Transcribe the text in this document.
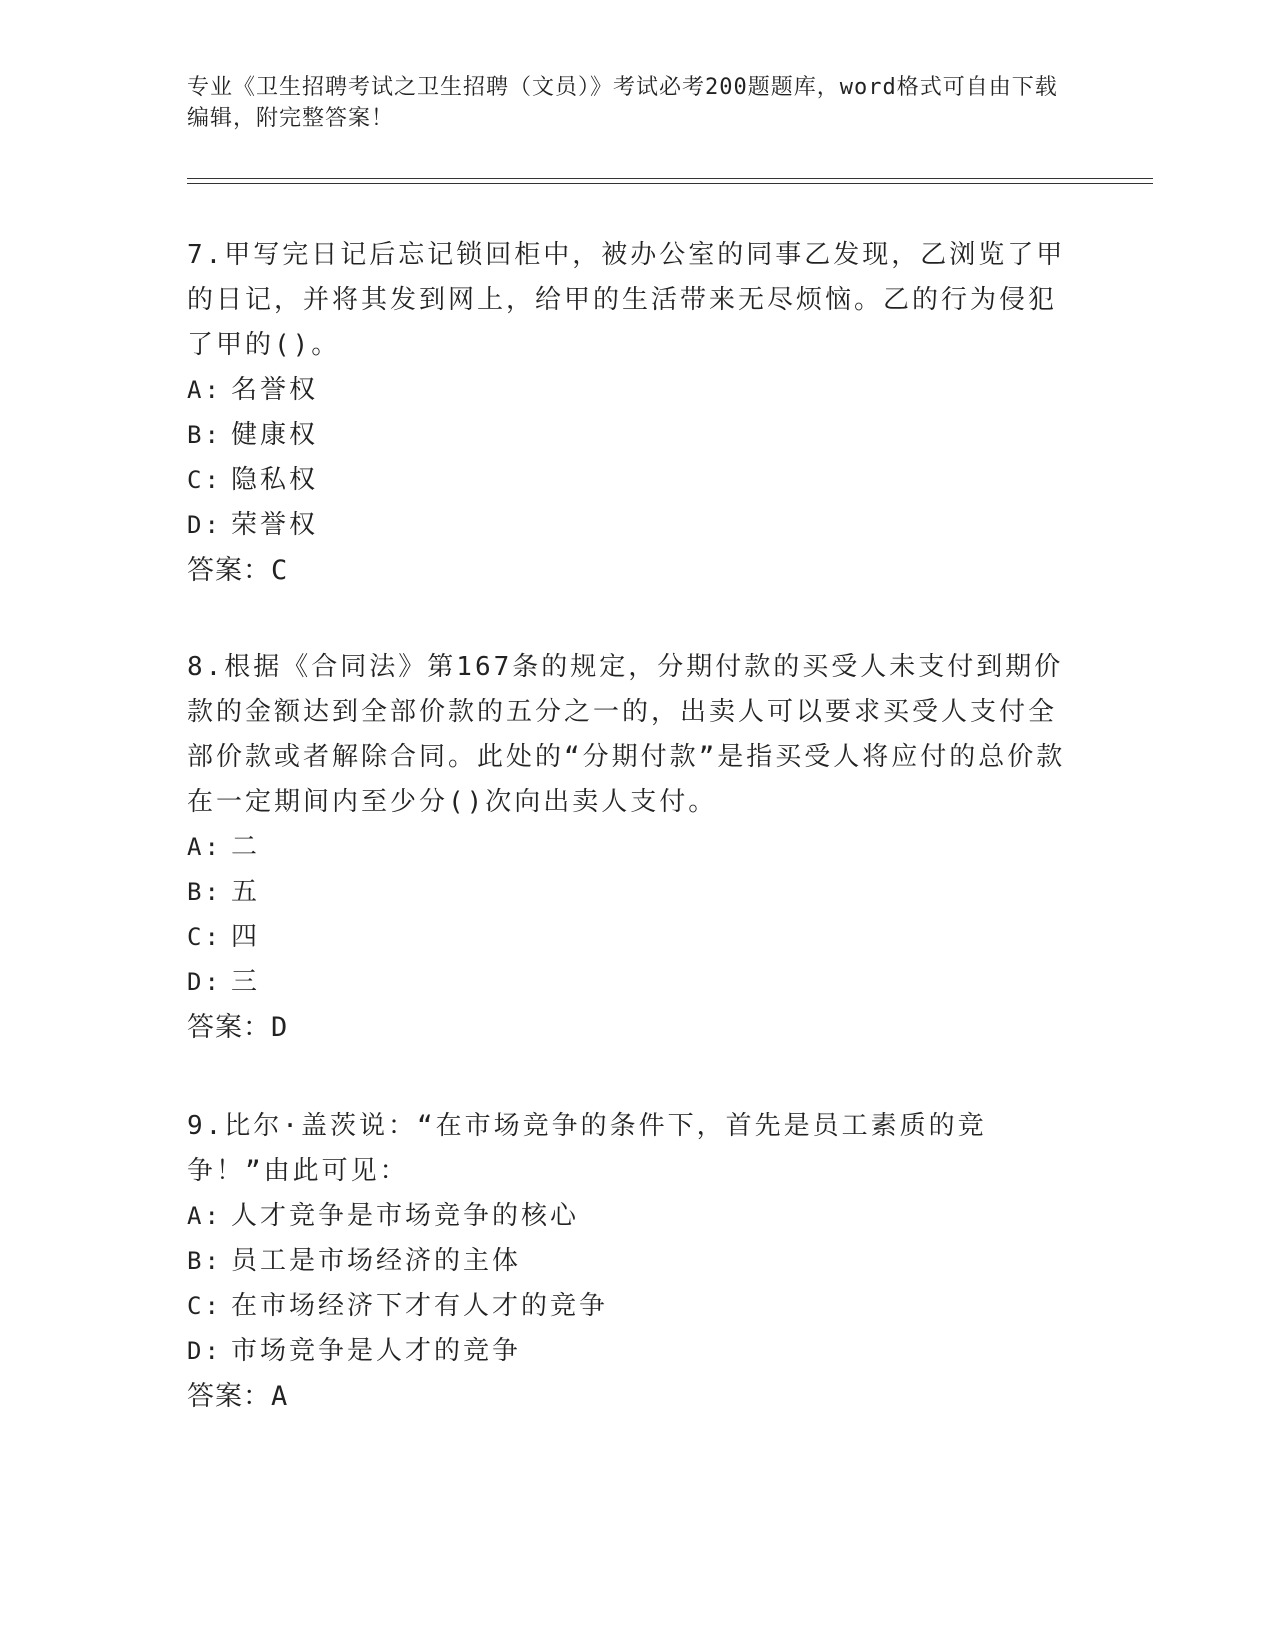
专业《卫生招聘考试之卫生招聘（文员）》考试必考200题题库，word格式可自由下载编辑，附完整答案！

7.甲写完日记后忘记锁回柜中，被办公室的同事乙发现，乙浏览了甲的日记，并将其发到网上，给甲的生活带来无尽烦恼。乙的行为侵犯了甲的()。

A: 名誉权

B: 健康权

C: 隐私权

D: 荣誉权

答案：C

8.根据《合同法》第167条的规定，分期付款的买受人未支付到期价款的金额达到全部价款的五分之一的，出卖人可以要求买受人支付全部价款或者解除合同。此处的“分期付款”是指买受人将应付的总价款在一定期间内至少分()次向出卖人支付。

A: 二

B: 五

C: 四

D: 三

答案：D

9.比尔·盖茨说：“在市场竞争的条件下，首先是员工素质的竞争！”由此可见：

A: 人才竞争是市场竞争的核心

B: 员工是市场经济的主体

C: 在市场经济下才有人才的竞争

D: 市场竞争是人才的竞争

答案：A
